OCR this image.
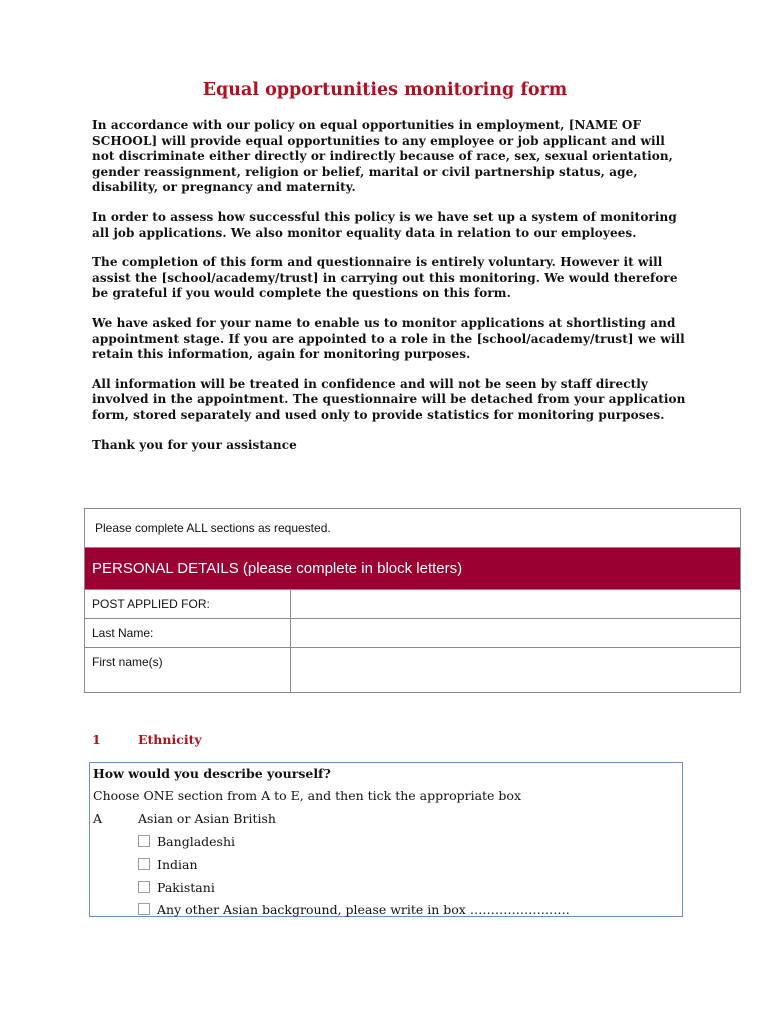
Equal opportunities monitoring form

In accordance with our policy on equal opportunities in employment, [NAME OF SCHOOL] will provide equal opportunities to any employee or job applicant and will not discriminate either directly or indirectly because of race, sex, sexual orientation, gender reassignment, religion or belief, marital or civil partnership status, age, disability, or pregnancy and maternity.

In order to assess how successful this policy is we have set up a system of monitoring all job applications. We also monitor equality data in relation to our employees.

The completion of this form and questionnaire is entirely voluntary. However it will assist the [school/academy/trust] in carrying out this monitoring. We would therefore be grateful if you would complete the questions on this form.

We have asked for your name to enable us to monitor applications at shortlisting and appointment stage. If you are appointed to a role in the [school/academy/trust] we will retain this information, again for monitoring purposes.

All information will be treated in confidence and will not be seen by staff directly involved in the appointment. The questionnaire will be detached from your application form, stored separately and used only to provide statistics for monitoring purposes.

Thank you for your assistance

Please complete ALL sections as requested.	
PERSONAL DETAILS (please complete in block letters)	
POST APPLIED FOR:	
Last Name:	
First name(s)	
1	Ethnicity
How would you describe yourself?
Choose ONE section from A to E, and then tick the appropriate box
A	Asian or Asian British
Bangladeshi
Indian
Pakistani
Any other Asian background, please write in box ……………………
